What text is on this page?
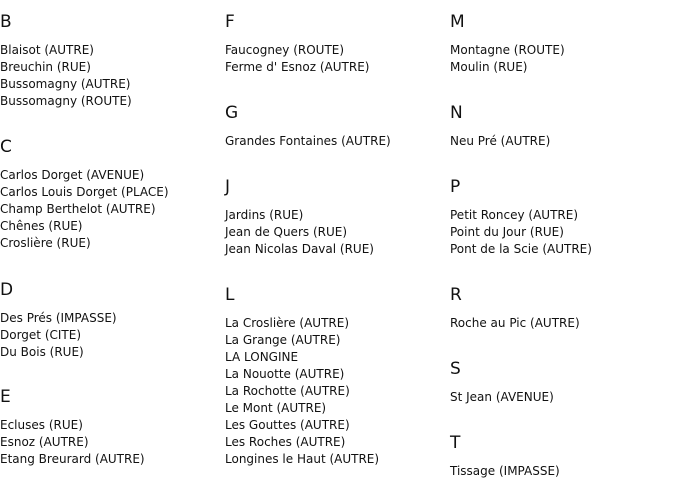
B
Blaisot (AUTRE)
Breuchin (RUE)
Bussomagny (AUTRE)
Bussomagny (ROUTE)
C
Carlos Dorget (AVENUE)
Carlos Louis Dorget (PLACE)
Champ Berthelot (AUTRE)
Chênes (RUE)
Croslière (RUE)
D
Des Prés (IMPASSE)
Dorget (CITE)
Du Bois (RUE)
E
Ecluses (RUE)
Esnoz (AUTRE)
Etang Breurard (AUTRE)
F
Faucogney (ROUTE)
Ferme d' Esnoz (AUTRE)
G
Grandes Fontaines (AUTRE)
J
Jardins (RUE)
Jean de Quers (RUE)
Jean Nicolas Daval (RUE)
L
La Croslière (AUTRE)
La Grange (AUTRE)
LA LONGINE
La Nouotte (AUTRE)
La Rochotte (AUTRE)
Le Mont (AUTRE)
Les Gouttes (AUTRE)
Les Roches (AUTRE)
Longines le Haut (AUTRE)
M
Montagne (ROUTE)
Moulin (RUE)
N
Neu Pré (AUTRE)
P
Petit Roncey (AUTRE)
Point du Jour (RUE)
Pont de la Scie (AUTRE)
R
Roche au Pic (AUTRE)
S
St Jean (AVENUE)
T
Tissage (IMPASSE)
